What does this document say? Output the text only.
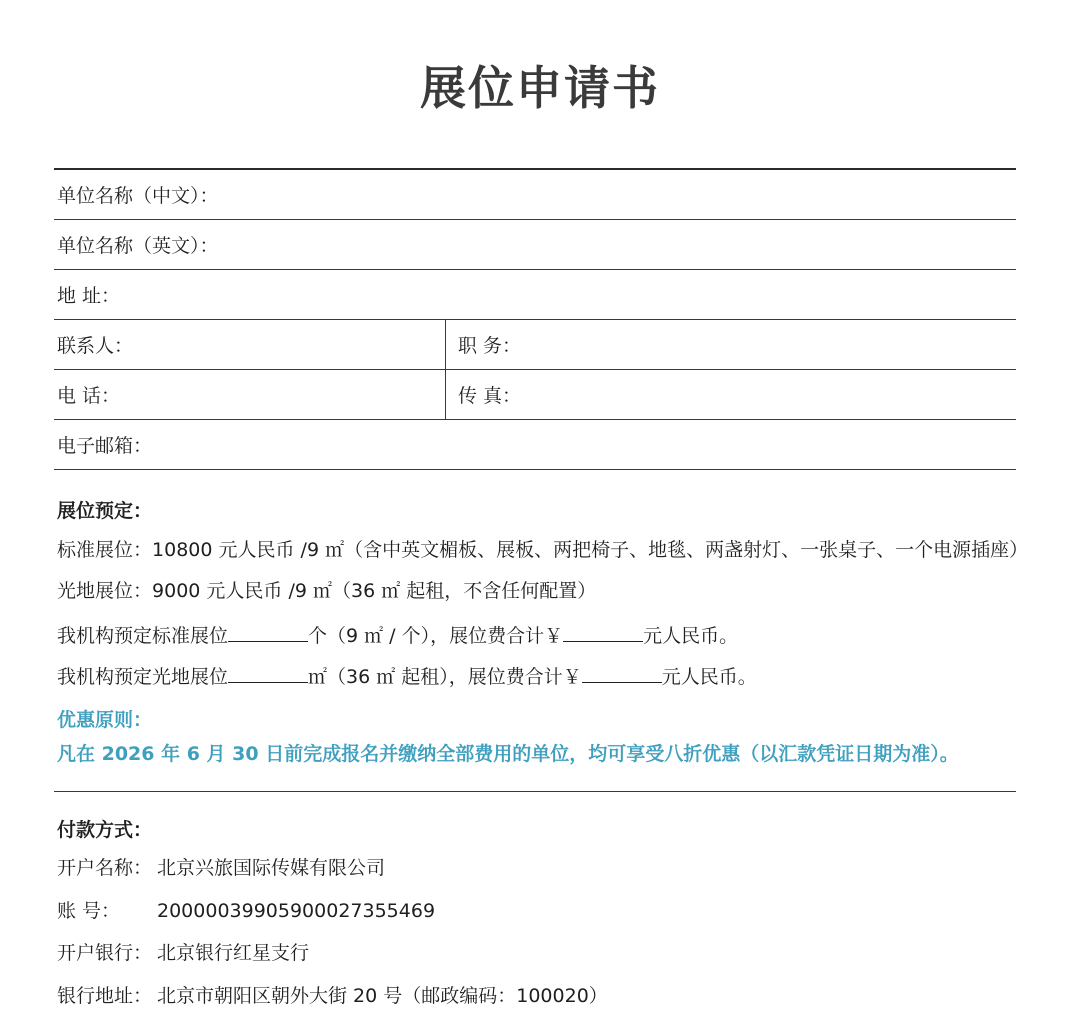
展位申请书
单位名称（中文）：
单位名称（英文）：
地 址：
联系人：	职 务：
电 话：	传 真：
电子邮箱：
展位预定：
标准展位：10800 元人民币 /9 ㎡（含中英文楣板、展板、两把椅子、地毯、两盏射灯、一张桌子、一个电源插座）
光地展位：9000 元人民币 /9 ㎡（36 ㎡ 起租，不含任何配置）
我机构预定标准展位	个（9 ㎡ / 个），展位费合计￥	元人民币。
我机构预定光地展位	㎡（36 ㎡ 起租），展位费合计￥	元人民币。
优惠原则：
凡在 2026 年 6 月 30 日前完成报名并缴纳全部费用的单位，均可享受八折优惠（以汇款凭证日期为准）。
付款方式：
开户名称： 北京兴旅国际传媒有限公司
账 号： 200000399059000273554​69
开户银行： 北京银行红星支行
银行地址： 北京市朝阳区朝外大街 20 号（邮政编码：100020）
